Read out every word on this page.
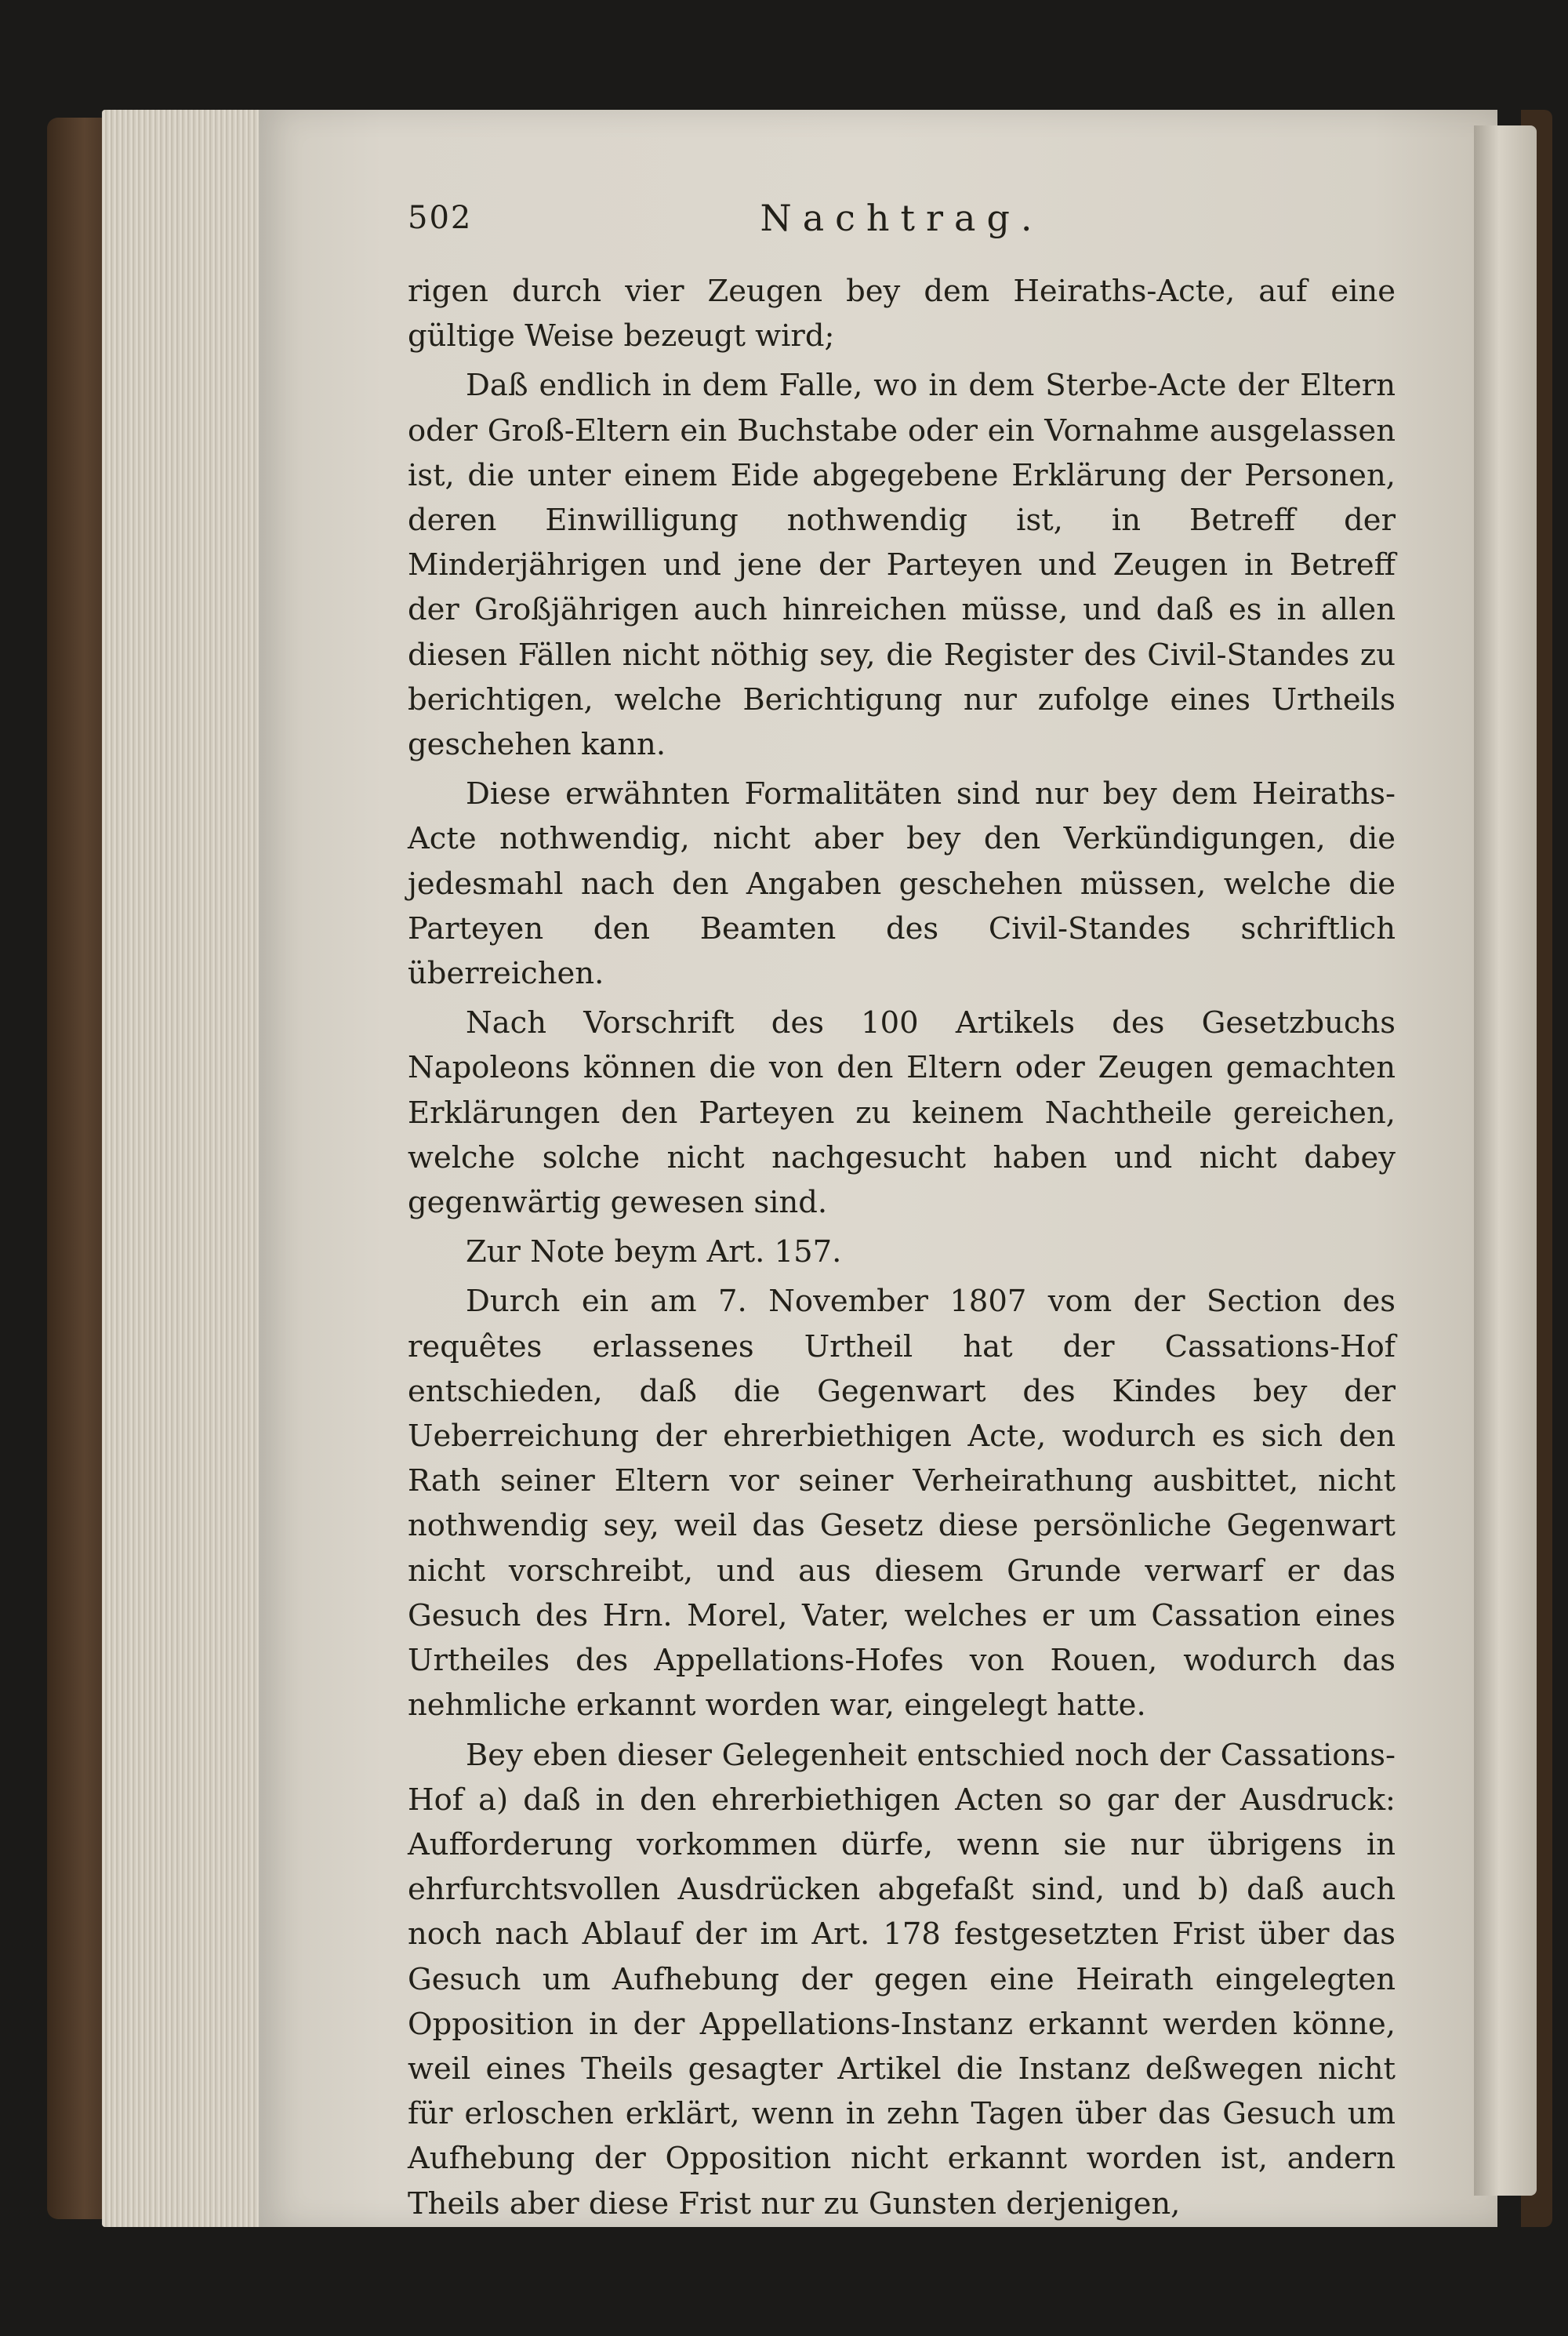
502	Nachtrag.

rigen durch vier Zeugen bey dem Heiraths-Acte, auf eine gültige Weise bezeugt wird;

Daß endlich in dem Falle, wo in dem Sterbe-Acte der Eltern oder Groß-Eltern ein Buchstabe oder ein Vornahme ausgelassen ist, die unter einem Eide abgegebene Erklärung der Personen, deren Einwilligung nothwendig ist, in Betreff der Minderjährigen und jene der Parteyen und Zeugen in Betreff der Großjährigen auch hinreichen müsse, und daß es in allen diesen Fällen nicht nöthig sey, die Register des Civil-Standes zu berichtigen, welche Berichtigung nur zufolge eines Urtheils geschehen kann.

Diese erwähnten Formalitäten sind nur bey dem Heiraths-Acte nothwendig, nicht aber bey den Verkündigungen, die jedesmahl nach den Angaben geschehen müssen, welche die Parteyen den Beamten des Civil-Standes schriftlich überreichen.

Nach Vorschrift des 100 Artikels des Gesetzbuchs Napoleons können die von den Eltern oder Zeugen gemachten Erklärungen den Parteyen zu keinem Nachtheile gereichen, welche solche nicht nachgesucht haben und nicht dabey gegenwärtig gewesen sind.

Zur Note beym Art. 157.

Durch ein am 7. November 1807 vom der Section des requêtes erlassenes Urtheil hat der Cassations-Hof entschieden, daß die Gegenwart des Kindes bey der Ueberreichung der ehrerbiethigen Acte, wodurch es sich den Rath seiner Eltern vor seiner Verheirathung ausbittet, nicht nothwendig sey, weil das Gesetz diese persönliche Gegenwart nicht vorschreibt, und aus diesem Grunde verwarf er das Gesuch des Hrn. Morel, Vater, welches er um Cassation eines Urtheiles des Appellations-Hofes von Rouen, wodurch das nehmliche erkannt worden war, eingelegt hatte.

Bey eben dieser Gelegenheit entschied noch der Cassations-Hof a) daß in den ehrerbiethigen Acten so gar der Ausdruck: Aufforderung vorkommen dürfe, wenn sie nur übrigens in ehrfurchtsvollen Ausdrücken abgefaßt sind, und b) daß auch noch nach Ablauf der im Art. 178 festgesetzten Frist über das Gesuch um Aufhebung der gegen eine Heirath eingelegten Opposition in der Appellations-Instanz erkannt werden könne, weil eines Theils gesagter Artikel die Instanz deßwegen nicht für erloschen erklärt, wenn in zehn Tagen über das Gesuch um Aufhebung der Opposition nicht erkannt worden ist, andern Theils aber diese Frist nur zu Gunsten derjenigen,
